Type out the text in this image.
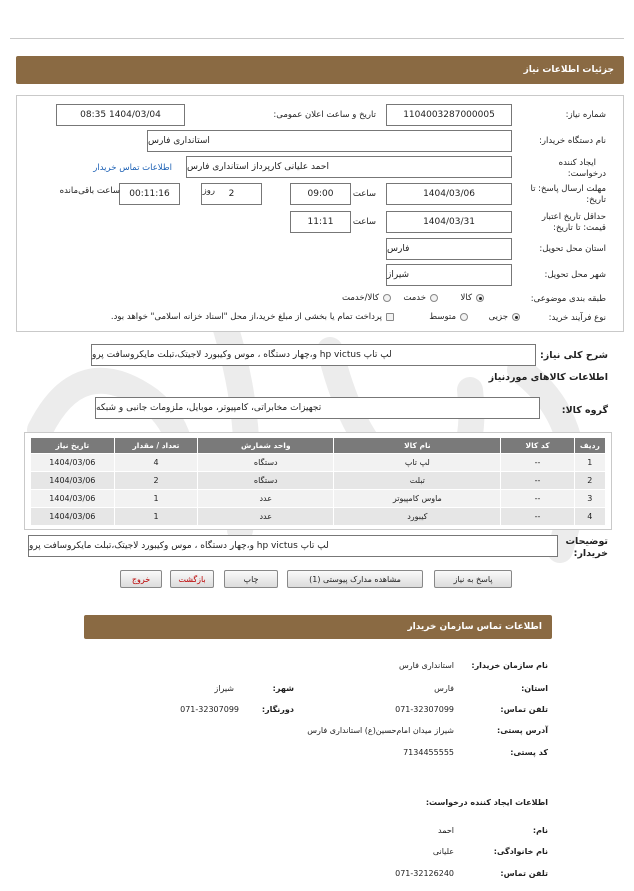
جزئیات اطلاعات نیاز
شماره نیاز:
1104003287000005
تاریخ و ساعت اعلان عمومی:
1404/03/04 08:35
نام دستگاه خریدار:
استانداری فارس
ایجاد کننده
درخواست:
احمد علیانی کارپرداز استانداری فارس
اطلاعات تماس خریدار
مهلت ارسال پاسخ: تا
تاریخ:
1404/03/06
ساعت
09:00
2
روز
00:11:16
ساعت باقی‌مانده
حداقل تاریخ اعتبار
قیمت: تا تاریخ:
1404/03/31
ساعت
11:11
استان محل تحویل:
فارس
شهر محل تحویل:
شیراز
طبقه بندی موضوعی:
کالا
خدمت
کالا/خدمت
نوع فرآیند خرید:
جزیی
متوسط
پرداخت تمام یا بخشی از مبلغ خرید،از محل "اسناد خزانه اسلامی" خواهد بود.
شرح کلی نیاز:
لپ تاپ hp victus و،چهار دستگاه ، موس وکیبورد لاجیتک،تبلت مایکروسافت پرو
اطلاعات کالاهای موردنیاز
گروه کالا:
تجهیزات مخابراتی، کامپیوتر، موبایل، ملزومات جانبی و شبکه
ردیف	کد کالا	نام کالا	واحد شمارش	تعداد / مقدار	تاریخ نیاز
1	--	لپ تاپ	دستگاه	4	1404/03/06
2	--	تبلت	دستگاه	2	1404/03/06
3	--	ماوس کامپیوتر	عدد	1	1404/03/06
4	--	کیبورد	عدد	1	1404/03/06
توضیحات
خریدار:
لپ تاپ hp victus و،چهار دستگاه ، موس وکیبورد لاجیتک،تبلت مایکروسافت پرو
پاسخ به نیاز
مشاهده مدارک پیوستی (1)
چاپ
بازگشت
خروج
اطلاعات تماس سازمان خریدار
نام سازمان خریدار:
استانداری فارس
استان:
فارس
شهر:
شیراز
تلفن تماس:
071-32307099
دورنگار:
071-32307099
آدرس پستی:
شیراز میدان امام‌حسین(ع) استانداری فارس
کد پستی:
7134455555
اطلاعات ایجاد کننده درخواست:
نام:
احمد
نام خانوادگی:
علیانی
تلفن تماس:
071-32126240
